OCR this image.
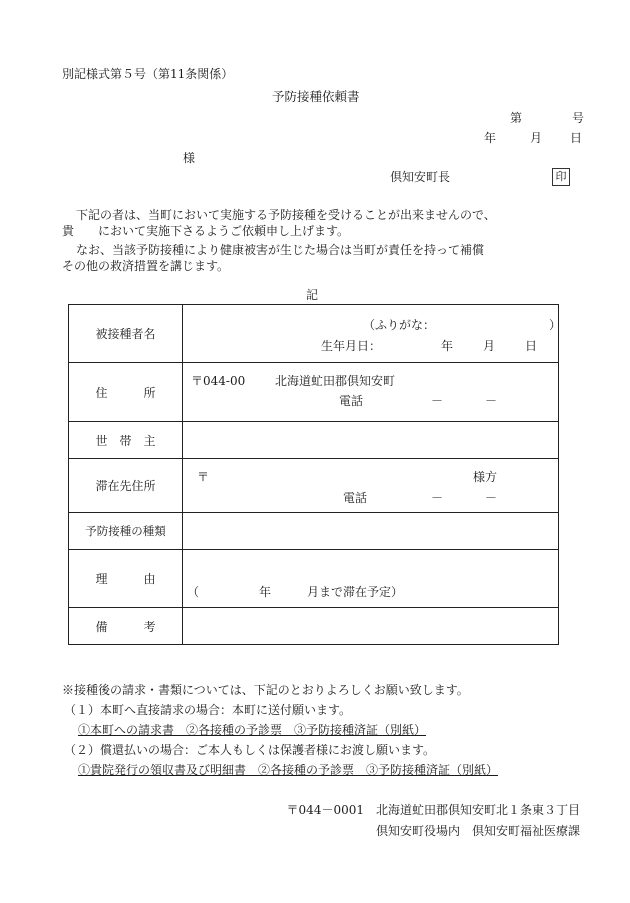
別記様式第５号（第11条関係）
予防接種依頼書
第	号
年	月 日
様
倶知安町長	印

下記の者は、当町において実施する予防接種を受けることが出来ませんので、

貴　　において実施下さるようご依頼申し上げます。

なお、当該予防接種により健康被害が生じた場合は当町が責任を持って補償

その他の救済措置を講じます。

記
被接種者名	（ふりがな：　　　　　　　　　　）
生年月日： 年 月 日

住　　　所	〒044-00 北海道虻田郡倶知安町
電話 － －

世　帯　主	
滞在先住所	〒 様方
電話 － －

予防接種の種類	
理　　　由	（　　　　　年　　　月まで滞在予定）

備　　　考	
※接種後の請求・書類については、下記のとおりよろしくお願い致します。
（１）本町へ直接請求の場合：本町に送付願います。
①本町への請求書　②各接種の予診票　③予防接種済証（別紙）
（２）償還払いの場合：ご本人もしくは保護者様にお渡し願います。
①貴院発行の領収書及び明細書　②各接種の予診票　③予防接種済証（別紙）
〒044－0001　北海道虻田郡倶知安町北１条東３丁目
倶知安町役場内　倶知安町福祉医療課
